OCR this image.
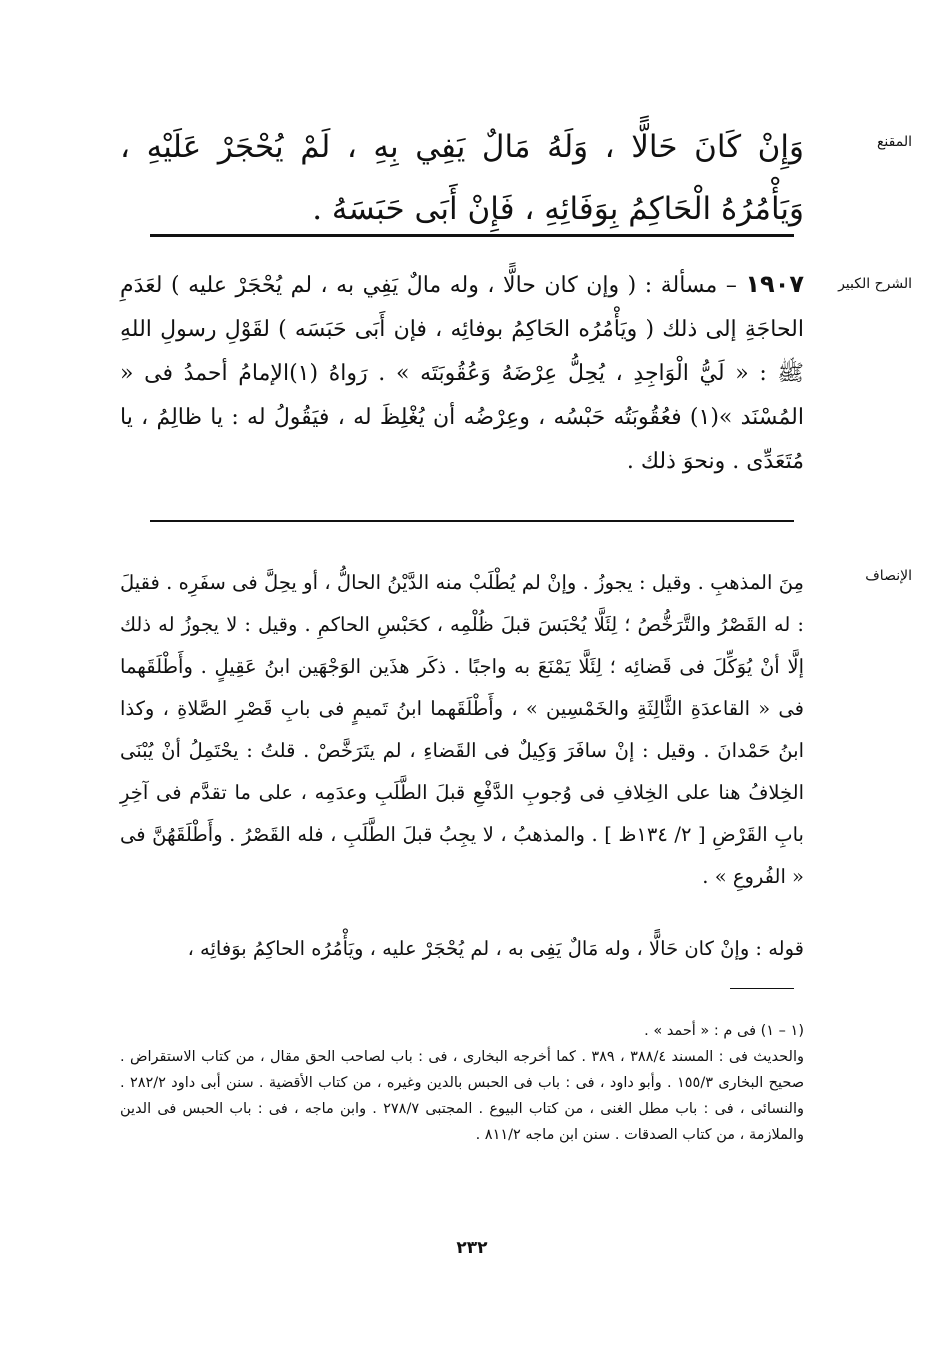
المقنع

وَإِنْ كَانَ حَالًّا ، وَلَهُ مَالٌ يَفِي بِهِ ، لَمْ يُحْجَرْ عَلَيْهِ ، وَيَأْمُرُهُ الْحَاكِمُ بِوَفَائِهِ ، فَإِنْ أَبَى حَبَسَهُ .

الشرح الكبير

١٩٠٧ – مسألة : ( وإن كان حالًّا ، وله مالٌ يَفِي به ، لم يُحْجَرْ عليه ) لعَدَمِ الحاجَةِ إلى ذلك ( ويَأْمُرُه الحَاكِمُ بوفائِه ، فإن أَبَى حَبَسَه ) لقَوْلِ رسولِ اللهِ ﷺ : « لَيُّ الْوَاجِدِ ، يُحِلُّ عِرْضَهُ وَعُقُوبَتَه » . رَواهُ (١)الإمامُ أحمدُ فى « المُسْنَد »(١) فعُقُوبَتُه حَبْسُه ، وعِرْضُه أن يُغْلِظَ له ، فيَقُولُ له : يا ظالِمُ ، يا مُتَعَدِّى . ونحوَ ذلك .

الإنصاف

مِنَ المذهبِ . وقيل : يجوزُ . وإنْ لم يُطْلَبْ منه الدَّيْنُ الحالُّ ، أو يحِلَّ فى سفَرِه . فقيلَ : له القَصْرُ والتَّرَخُّصُ ؛ لِئَلَّا يُحْبَسَ قبلَ ظُلْمِه ، كحَبْسِ الحاكمِ . وقيل : لا يجوزُ له ذلك إلَّا أنْ يُوَكِّلَ فى قَضائِه ؛ لِئَلَّا يَمْنَعَ به واجبًا . ذكَر هذَين الوَجْهَين ابنُ عَقِيلٍ . وأَطْلَقَهما فى « القاعدَةِ الثَّالِثَةِ والخَمْسِين » ، وأَطْلَقَهما ابنُ تَميمٍ فى بابِ قَصْرِ الصَّلاةِ ، وكذا ابنُ حَمْدانَ . وقيل : إنْ سافَرَ وَكِيلٌ فى القَضاءِ ، لم يتَرَخَّصْ . قلتُ : يحْتَمِلُ أنْ يُبْنَى الخِلافُ هنا على الخِلافِ فى وُجوبِ الدَّفْعِ قبلَ الطَّلَبِ وعدَمِه ، على ما تقدَّم فى آخِرِ بابِ القَرْضِ [ ٢/ ١٣٤ظ ] . والمذهبُ ، لا يجِبُ قبلَ الطَّلَبِ ، فله القَصْرُ . وأَطْلَقَهُنَّ فى « الفُروعِ » .

قوله : وإنْ كان حَالًّا ، وله مَالٌ يَفِى به ، لم يُحْجَرْ عليه ، ويَأْمُرُه الحاكِمُ بوَفائِه ،

(١ – ١) فى م : « أحمد » .

والحديث فى : المسند ٣٨٨/٤ ، ٣٨٩ . كما أخرجه البخارى ، فى : باب لصاحب الحق مقال ، من كتاب الاستقراض . صحيح البخارى ١٥٥/٣ . وأبو داود ، فى : باب فى الحبس بالدين وغيره ، من كتاب الأقضية . سنن أبى داود ٢٨٢/٢ . والنسائى ، فى : باب مطل الغنى ، من كتاب البيوع . المجتبى ٢٧٨/٧ . وابن ماجه ، فى : باب الحبس فى الدين والملازمة ، من كتاب الصدقات . سنن ابن ماجه ٨١١/٢ .

٢٣٢
